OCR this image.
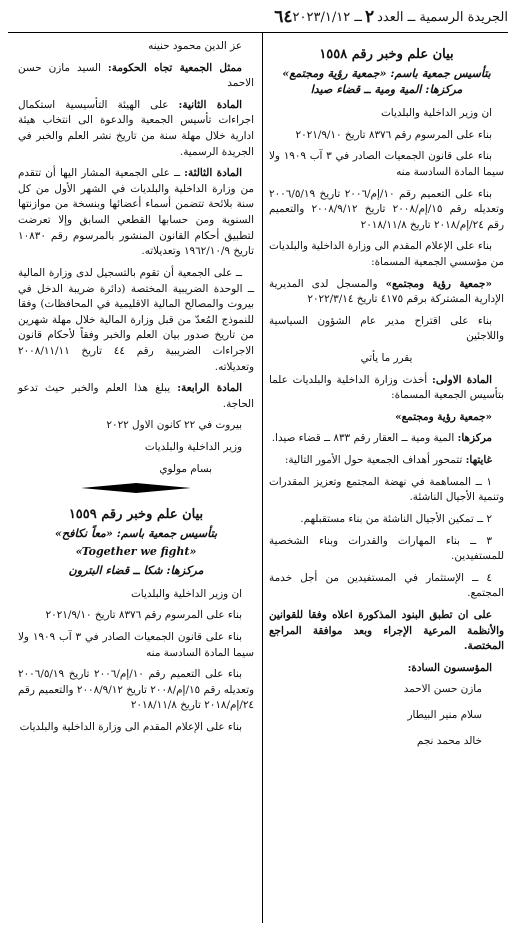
الجريدة الرسمية ــ العدد
٢
ــ ٢٠٢٣/١/١٢
٦٤

بيان علم وخبر رقم ١٥٥٨

بتأسيس جمعية باسم: «جمعية رؤية ومجتمع»

مركزها: المية ومية ــ قضاء صيدا

ان وزير الداخلية والبلديات

بناء على المرسوم رقم ٨٣٧٦ تاريخ ٢٠٢١/٩/١٠

بناء على قانون الجمعيات الصادر في ٣ آب ١٩٠٩ ولا سيما المادة السادسة منه

بناء على التعميم رقم ١٠/إم/٢٠٠٦ تاريخ ٢٠٠٦/٥/١٩ وتعديله رقم ١٥/إم/٢٠٠٨ تاريخ ٢٠٠٨/٩/١٢ والتعميم رقم ٢٤/إم/٢٠١٨ تاريخ ٢٠١٨/١١/٨

بناء على الإعلام المقدم الى وزارة الداخلية والبلديات من مؤسسي الجمعية المسماة:

«جمعية رؤية ومجتمع» والمسجل لدى المديرية الإدارية المشتركة برقم ٤١٧٥ تاريخ ٢٠٢٢/٣/١٤

بناء على اقتراح مدير عام الشؤون السياسية واللاجئين

يقرر ما يأتي

المادة الاولى: أخذت وزارة الداخلية والبلديات علما بتأسيس الجمعية المسماة:

«جمعية رؤية ومجتمع»

مركزها: المية ومية ــ العقار رقم ٨٣٣ ــ قضاء صيدا.

غايتها: تتمحور أهداف الجمعية حول الأمور التالية:

١ ــ المساهمة في نهضة المجتمع وتعزيز المقدرات وتنمية الأجيال الناشئة.

٢ ــ تمكين الأجيال الناشئة من بناء مستقبلهم.

٣ ــ بناء المهارات والقدرات وبناء الشخصية للمستفيدين.

٤ ــ الإستثمار في المستفيدين من أجل خدمة المجتمع.

على ان تطبق البنود المذكورة اعلاه وفقا للقوانين والأنظمة المرعية الإجراء وبعد موافقة المراجع المختصة.

المؤسسون السادة:

مازن حسن الاحمد

سلام منير البيطار

خالد محمد نجم

عز الدين محمود حنينه

ممثل الجمعية تجاه الحكومة: السيد مازن حسن الاحمد

المادة الثانية: على الهيئة التأسيسية استكمال اجراءات تأسيس الجمعية والدعوة الى انتخاب هيئة ادارية خلال مهلة سنة من تاريخ نشر العلم والخبر في الجريدة الرسمية.

المادة الثالثة: ــ على الجمعية المشار اليها أن تتقدم من وزارة الداخلية والبلديات في الشهر الأول من كل سنة بلائحة تتضمن أسماء أعضائها وبنسخة من موازنتها السنوية ومن حسابها القطعي السابق وإلا تعرضت لتطبيق أحكام القانون المنشور بالمرسوم رقم ١٠٨٣٠ تاريخ ١٩٦٢/١٠/٩ وتعديلاته.

ــ على الجمعية أن تقوم بالتسجيل لدى وزارة المالية ــ الوحدة الضريبية المختصة (دائرة ضريبة الدخل في بيروت والمصالح المالية الاقليمية في المحافظات) وفقا للنموذج المُعدّ من قبل وزارة المالية خلال مهلة شهرين من تاريخ صدور بيان العلم والخبر وفقاً لأحكام قانون الاجراءات الضريبية رقم ٤٤ تاريخ ٢٠٠٨/١١/١١ وتعديلاته.

المادة الرابعة: يبلغ هذا العلم والخبر حيث تدعو الحاجة.

بيروت في ٢٢ كانون الاول ٢٠٢٢

وزير الداخلية والبلديات

بسام مولوي

بيان علم وخبر رقم ١٥٥٩

بتأسيس جمعية باسم: «معاً نكافح»

«Together we fight»

مركزها: شكا ــ قضاء البترون

ان وزير الداخلية والبلديات

بناء على المرسوم رقم ٨٣٧٦ تاريخ ٢٠٢١/٩/١٠

بناء على قانون الجمعيات الصادر في ٣ آب ١٩٠٩ ولا سيما المادة السادسة منه

بناء على التعميم رقم ١٠/إم/٢٠٠٦ تاريخ ٢٠٠٦/٥/١٩ وتعديله رقم ١٥/إم/٢٠٠٨ تاريخ ٢٠٠٨/٩/١٢ والتعميم رقم ٢٤/إم/٢٠١٨ تاريخ ٢٠١٨/١١/٨

بناء على الإعلام المقدم الى وزارة الداخلية والبلديات
